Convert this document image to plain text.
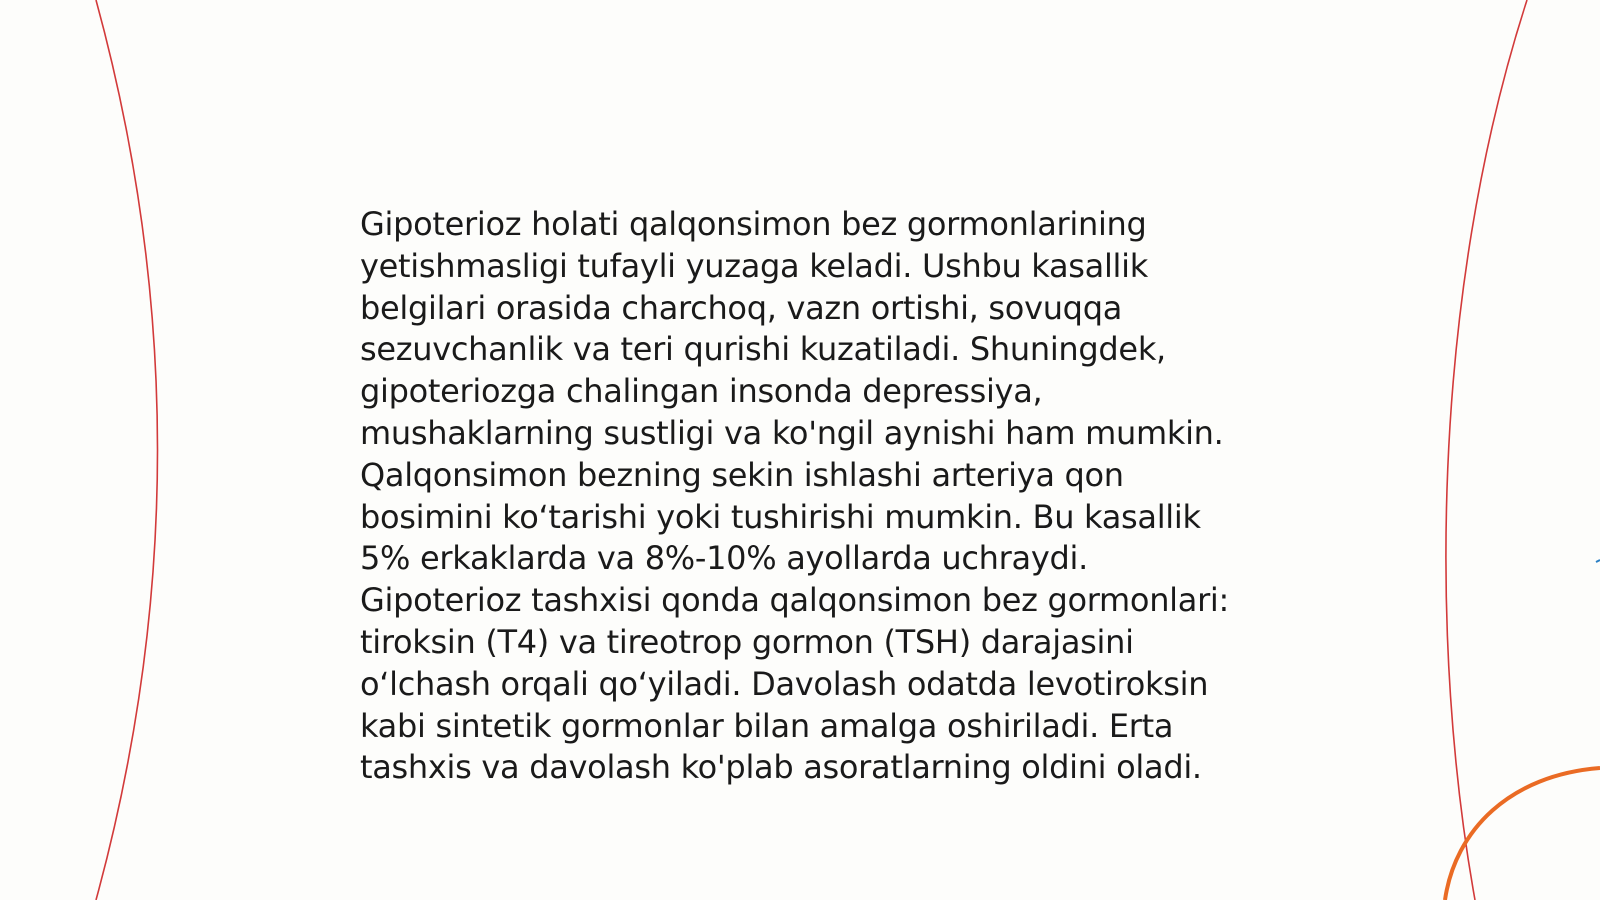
Gipoterioz holati qalqonsimon bez gormonlarining yetishmasligi tufayli yuzaga keladi. Ushbu kasallik belgilari orasida charchoq, vazn ortishi, sovuqqa sezuvchanlik va teri qurishi kuzatiladi. Shuningdek, gipoteriozga chalingan insonda depressiya, mushaklarning sustligi va ko'ngil aynishi ham mumkin. Qalqonsimon bezning sekin ishlashi arteriya qon bosimini koʻtarishi yoki tushirishi mumkin. Bu kasallik 5% erkaklarda va 8%-10% ayollarda uchraydi. Gipoterioz tashxisi qonda qalqonsimon bez gormonlari: tiroksin (T4) va tireotrop gormon (TSH) darajasini oʻlchash orqali qoʻyiladi. Davolash odatda levotiroksin kabi sintetik gormonlar bilan amalga oshiriladi. Erta tashxis va davolash ko'plab asoratlarning oldini oladi.
